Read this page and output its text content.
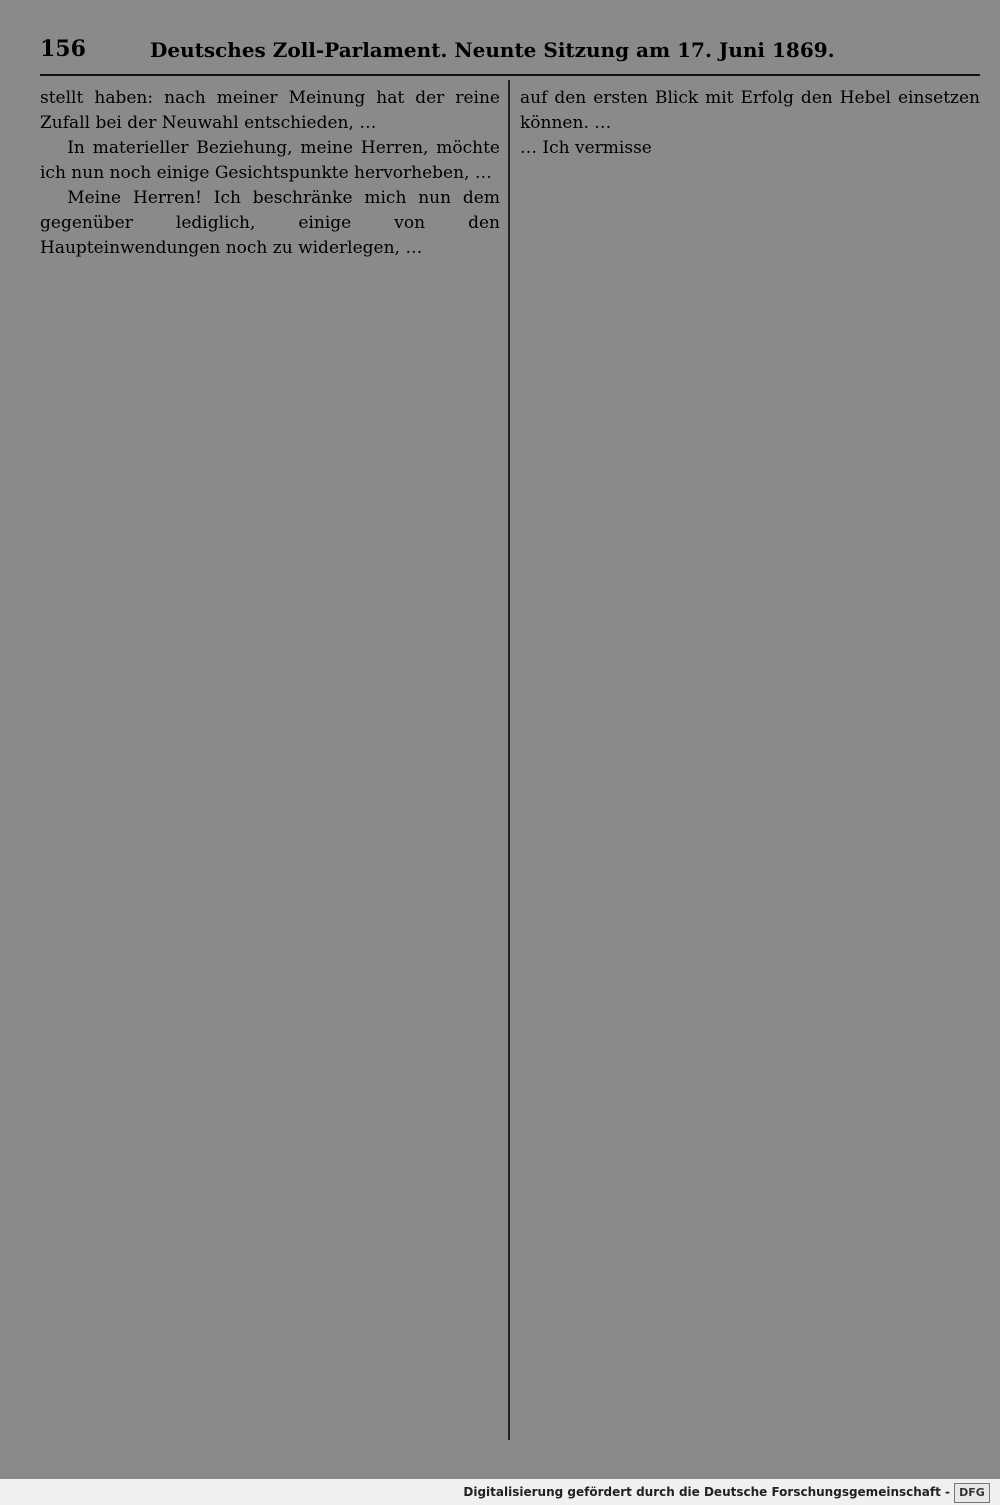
156	Deutsches Zoll-Parlament. Neunte Sitzung am 17. Juni 1869.

stellt haben: nach meiner Meinung hat der reine Zufall bei der Neuwahl entschieden, …

In materieller Beziehung, meine Herren, möchte ich nun noch einige Gesichtspunkte hervorheben, …

Meine Herren! Ich beschränke mich nun dem gegenüber lediglich, einige von den Haupteinwendungen noch zu widerlegen, …

auf den ersten Blick mit Erfolg den Hebel einsetzen können. …

… Ich vermisse

Digitalisierung gefördert durch die Deutsche Forschungsgemeinschaft - DFG
